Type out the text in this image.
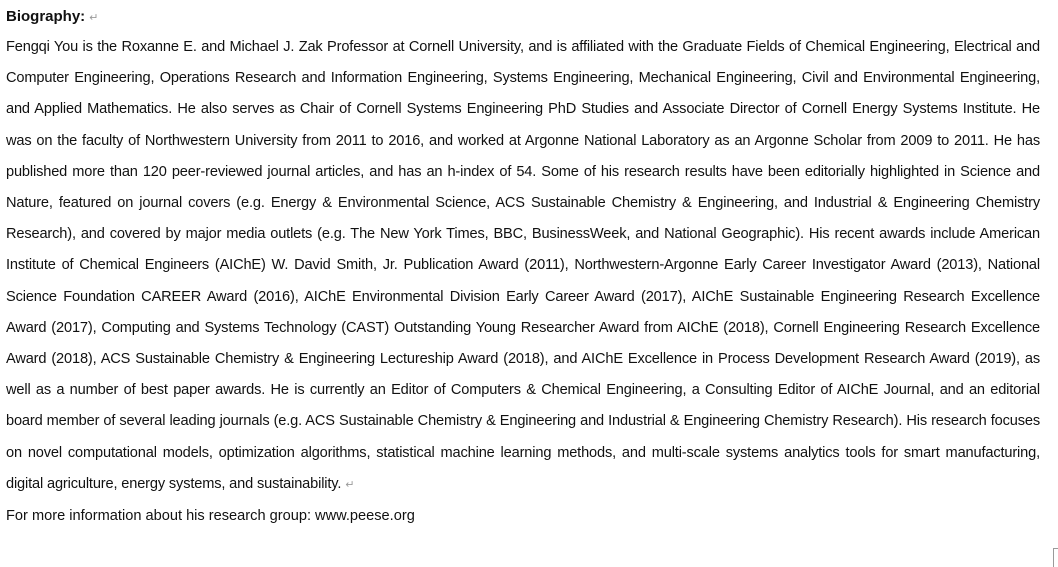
Biography: ↵

Fengqi You is the Roxanne E. and Michael J. Zak Professor at Cornell University, and is affiliated with the Graduate Fields of Chemical Engineering, Electrical and Computer Engineering, Operations Research and Information Engineering, Systems Engineering, Mechanical Engineering, Civil and Environmental Engineering, and Applied Mathematics. He also serves as Chair of Cornell Systems Engineering PhD Studies and Associate Director of Cornell Energy Systems Institute. He was on the faculty of Northwestern University from 2011 to 2016, and worked at Argonne National Laboratory as an Argonne Scholar from 2009 to 2011. He has published more than 120 peer-reviewed journal articles, and has an h-index of 54. Some of his research results have been editorially highlighted in Science and Nature, featured on journal covers (e.g. Energy & Environmental Science, ACS Sustainable Chemistry & Engineering, and Industrial & Engineering Chemistry Research), and covered by major media outlets (e.g. The New York Times, BBC, BusinessWeek, and National Geographic). His recent awards include American Institute of Chemical Engineers (AIChE) W. David Smith, Jr. Publication Award (2011), Northwestern-Argonne Early Career Investigator Award (2013), National Science Foundation CAREER Award (2016), AIChE Environmental Division Early Career Award (2017), AIChE Sustainable Engineering Research Excellence Award (2017), Computing and Systems Technology (CAST) Outstanding Young Researcher Award from AIChE (2018), Cornell Engineering Research Excellence Award (2018), ACS Sustainable Chemistry & Engineering Lectureship Award (2018), and AIChE Excellence in Process Development Research Award (2019), as well as a number of best paper awards. He is currently an Editor of Computers & Chemical Engineering, a Consulting Editor of AIChE Journal, and an editorial board member of several leading journals (e.g. ACS Sustainable Chemistry & Engineering and Industrial & Engineering Chemistry Research). His research focuses on novel computational models, optimization algorithms, statistical machine learning methods, and multi-scale systems analytics tools for smart manufacturing, digital agriculture, energy systems, and sustainability. ↵

For more information about his research group: www.peese.org
